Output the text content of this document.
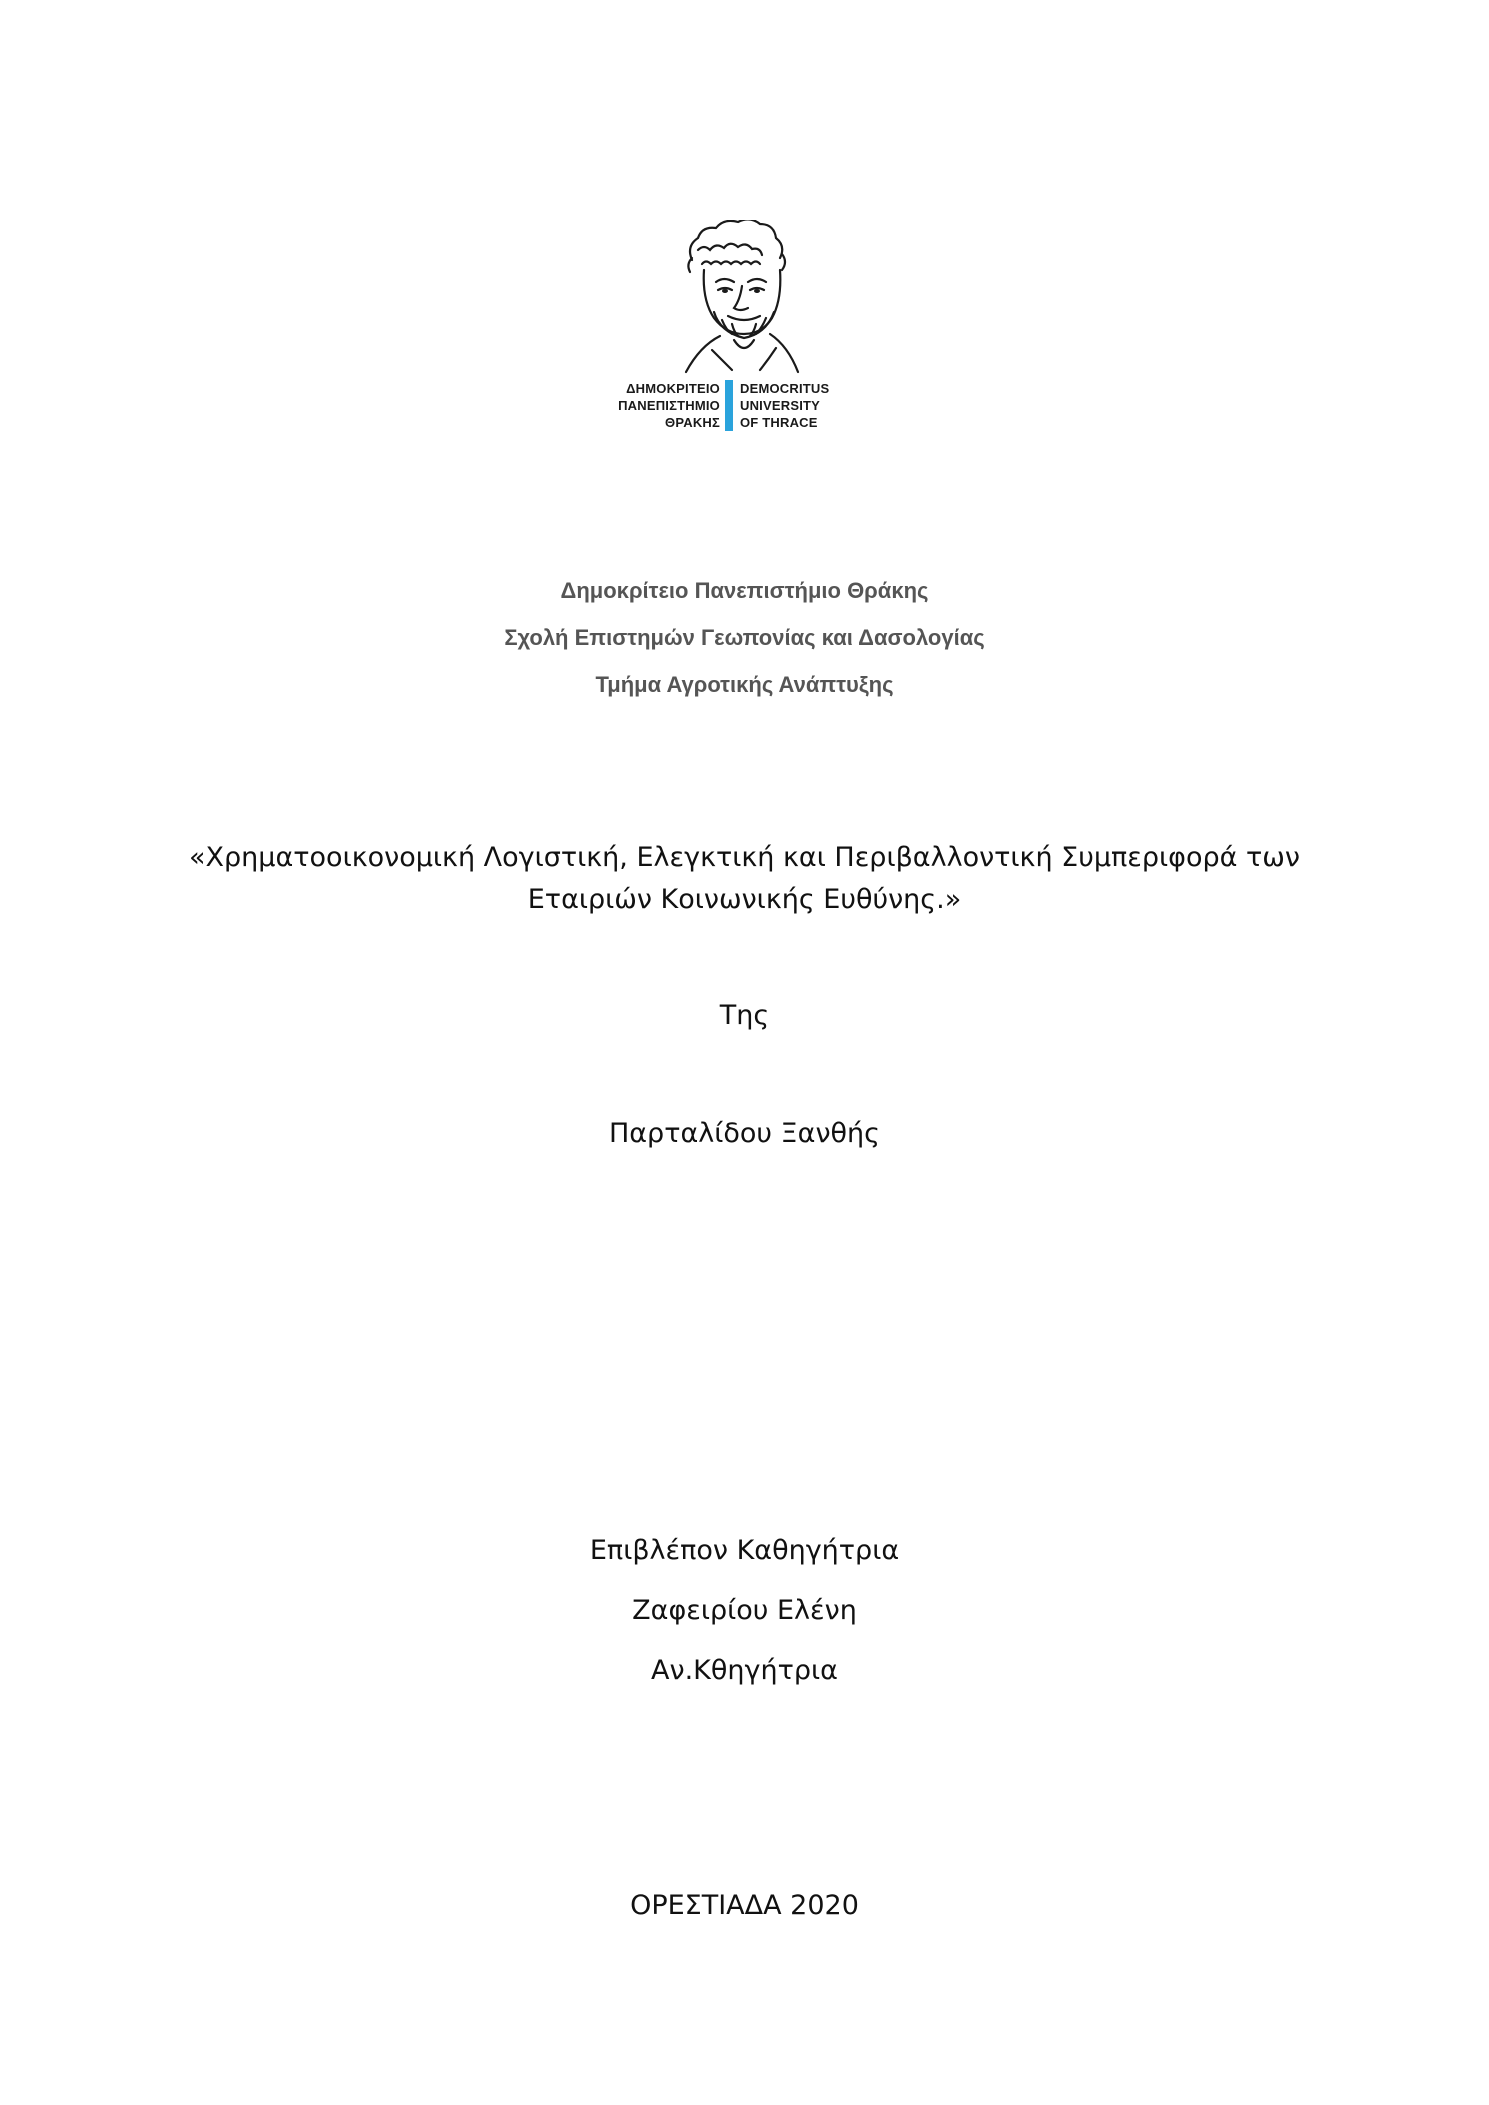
ΔΗΜΟΚΡΙΤΕΙΟ
ΠΑΝΕΠΙΣΤΗΜΙΟ
ΘΡΑΚΗΣ
DEMOCRITUS
UNIVERSITY
OF THRACE
Δημοκρίτειο Πανεπιστήμιο Θράκης
Σχολή Επιστημών Γεωπονίας και Δασολογίας
Τμήμα Αγροτικής Ανάπτυξης
«Χρηματοοικονομική Λογιστική, Ελεγκτική και Περιβαλλοντική Συμπεριφορά των
Εταιριών Κοινωνικής Ευθύνης.»
Της
Παρταλίδου Ξανθής
Επιβλέπον Καθηγήτρια
Ζαφειρίου Ελένη
Αν.Κθηγήτρια
ΟΡΕΣΤΙΑΔΑ 2020
